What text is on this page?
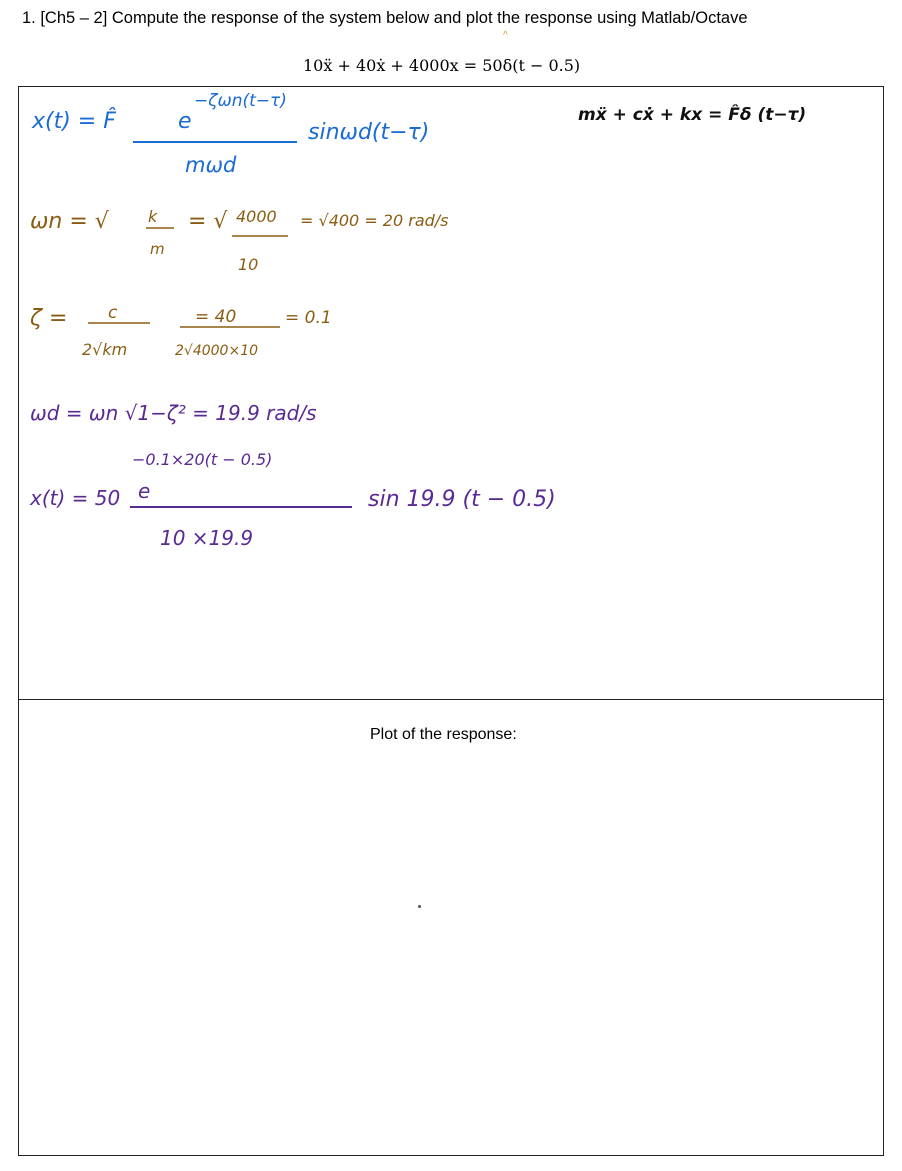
1. [Ch5 – 2] Compute the response of the system below and plot the response using Matlab/Octave
^
10ẍ + 40ẋ + 4000x = 50δ(t − 0.5)
x(t) = F̂	e
−ζωn(t−τ)
mωd
sinωd(t−τ)
mẍ + cẋ + kx = F̂δ (t−τ)
ωn = √ k
m
= √ 4000
10
= √400 = 20 rad/s
ζ = c
2√km
= 40
2√4000×10
= 0.1
ωd = ωn √1−ζ² = 19.9 rad/s
−0.1×20(t − 0.5)
x(t) = 50 e
10 ×19.9
sin 19.9 (t − 0.5)
Plot of the response:
